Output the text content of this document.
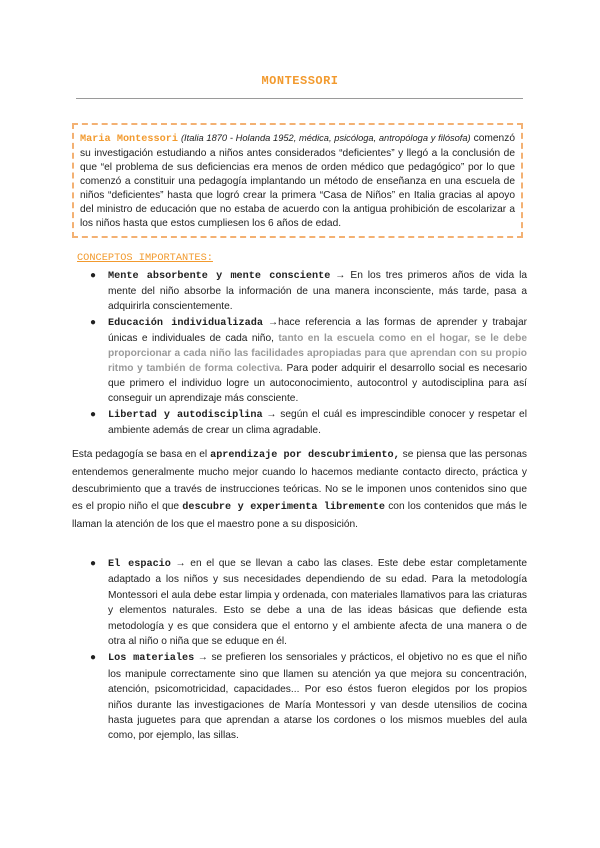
MONTESSORI
Maria Montessori (Italia 1870 - Holanda 1952, médica, psicóloga, antropóloga y filósofa) comenzó su investigación estudiando a niños antes considerados “deficientes” y llegó a la conclusión de que “el problema de sus deficiencias era menos de orden médico que pedagógico” por lo que comenzó a constituir una pedagogía implantando un método de enseñanza en una escuela de niños “deficientes” hasta que logró crear la primera “Casa de Niños” en Italia gracias al apoyo del ministro de educación que no estaba de acuerdo con la antigua prohibición de escolarizar a los niños hasta que estos cumpliesen los 6 años de edad.
CONCEPTOS IMPORTANTES:
● Mente absorbente y mente consciente → En los tres primeros años de vida la mente del niño absorbe la información de una manera inconsciente, más tarde, pasa a adquirirla conscientemente.
● Educación individualizada →hace referencia a las formas de aprender y trabajar únicas e individuales de cada niño, tanto en la escuela como en el hogar, se le debe proporcionar a cada niño las facilidades apropiadas para que aprendan con su propio ritmo y también de forma colectiva. Para poder adquirir el desarrollo social es necesario que primero el individuo logre un autoconocimiento, autocontrol y autodisciplina para así conseguir un aprendizaje más consciente.
● Libertad y autodisciplina → según el cuál es imprescindible conocer y respetar el ambiente además de crear un clima agradable.
Esta pedagogía se basa en el aprendizaje por descubrimiento, se piensa que las personas entendemos generalmente mucho mejor cuando lo hacemos mediante contacto directo, práctica y descubrimiento que a través de instrucciones teóricas. No se le imponen unos contenidos sino que es el propio niño el que descubre y experimenta libremente con los contenidos que más le llaman la atención de los que el maestro pone a su disposición.
● El espacio → en el que se llevan a cabo las clases. Este debe estar completamente adaptado a los niños y sus necesidades dependiendo de su edad. Para la metodología Montessori el aula debe estar limpia y ordenada, con materiales llamativos para las criaturas y elementos naturales. Esto se debe a una de las ideas básicas que defiende esta metodología y es que considera que el entorno y el ambiente afecta de una manera o de otra al niño o niña que se eduque en él.
● Los materiales → se prefieren los sensoriales y prácticos, el objetivo no es que el niño los manipule correctamente sino que llamen su atención ya que mejora su concentración, atención, psicomotricidad, capacidades... Por eso éstos fueron elegidos por los propios niños durante las investigaciones de María Montessori y van desde utensilios de cocina hasta juguetes para que aprendan a atarse los cordones o los mismos muebles del aula como, por ejemplo, las sillas.
